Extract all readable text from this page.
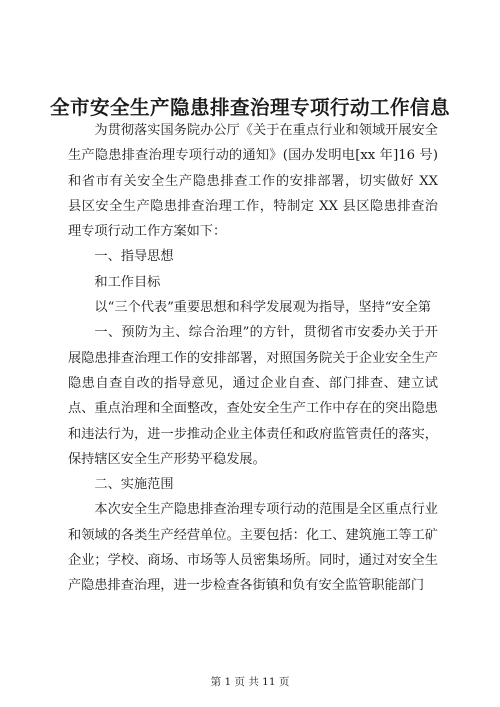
全市安全生产隐患排查治理专项行动工作信息

为贯彻落实国务院办公厅《关于在重点行业和领域开展安全生产隐患排查治理专项行动的通知》(国办发明电[xx 年]16 号)和省市有关安全生产隐患排查工作的安排部署，切实做好 XX 县区安全生产隐患排查治理工作，特制定 XX 县区隐患排查治理专项行动工作方案如下：

一、指导思想

和工作目标

以“三个代表”重要思想和科学发展观为指导，坚持“安全第

一、预防为主、综合治理”的方针，贯彻省市安委办关于开展隐患排查治理工作的安排部署，对照国务院关于企业安全生产隐患自查自改的指导意见，通过企业自查、部门排查、建立试点、重点治理和全面整改，查处安全生产工作中存在的突出隐患和违法行为，进一步推动企业主体责任和政府监管责任的落实，保持辖区安全生产形势平稳发展。

二、实施范围

本次安全生产隐患排查治理专项行动的范围是全区重点行业和领域的各类生产经营单位。主要包括：化工、建筑施工等工矿企业；学校、商场、市场等人员密集场所。同时，通过对安全生产隐患排查治理，进一步检查各街镇和负有安全监管职能部门

第 1 页 共 11 页
